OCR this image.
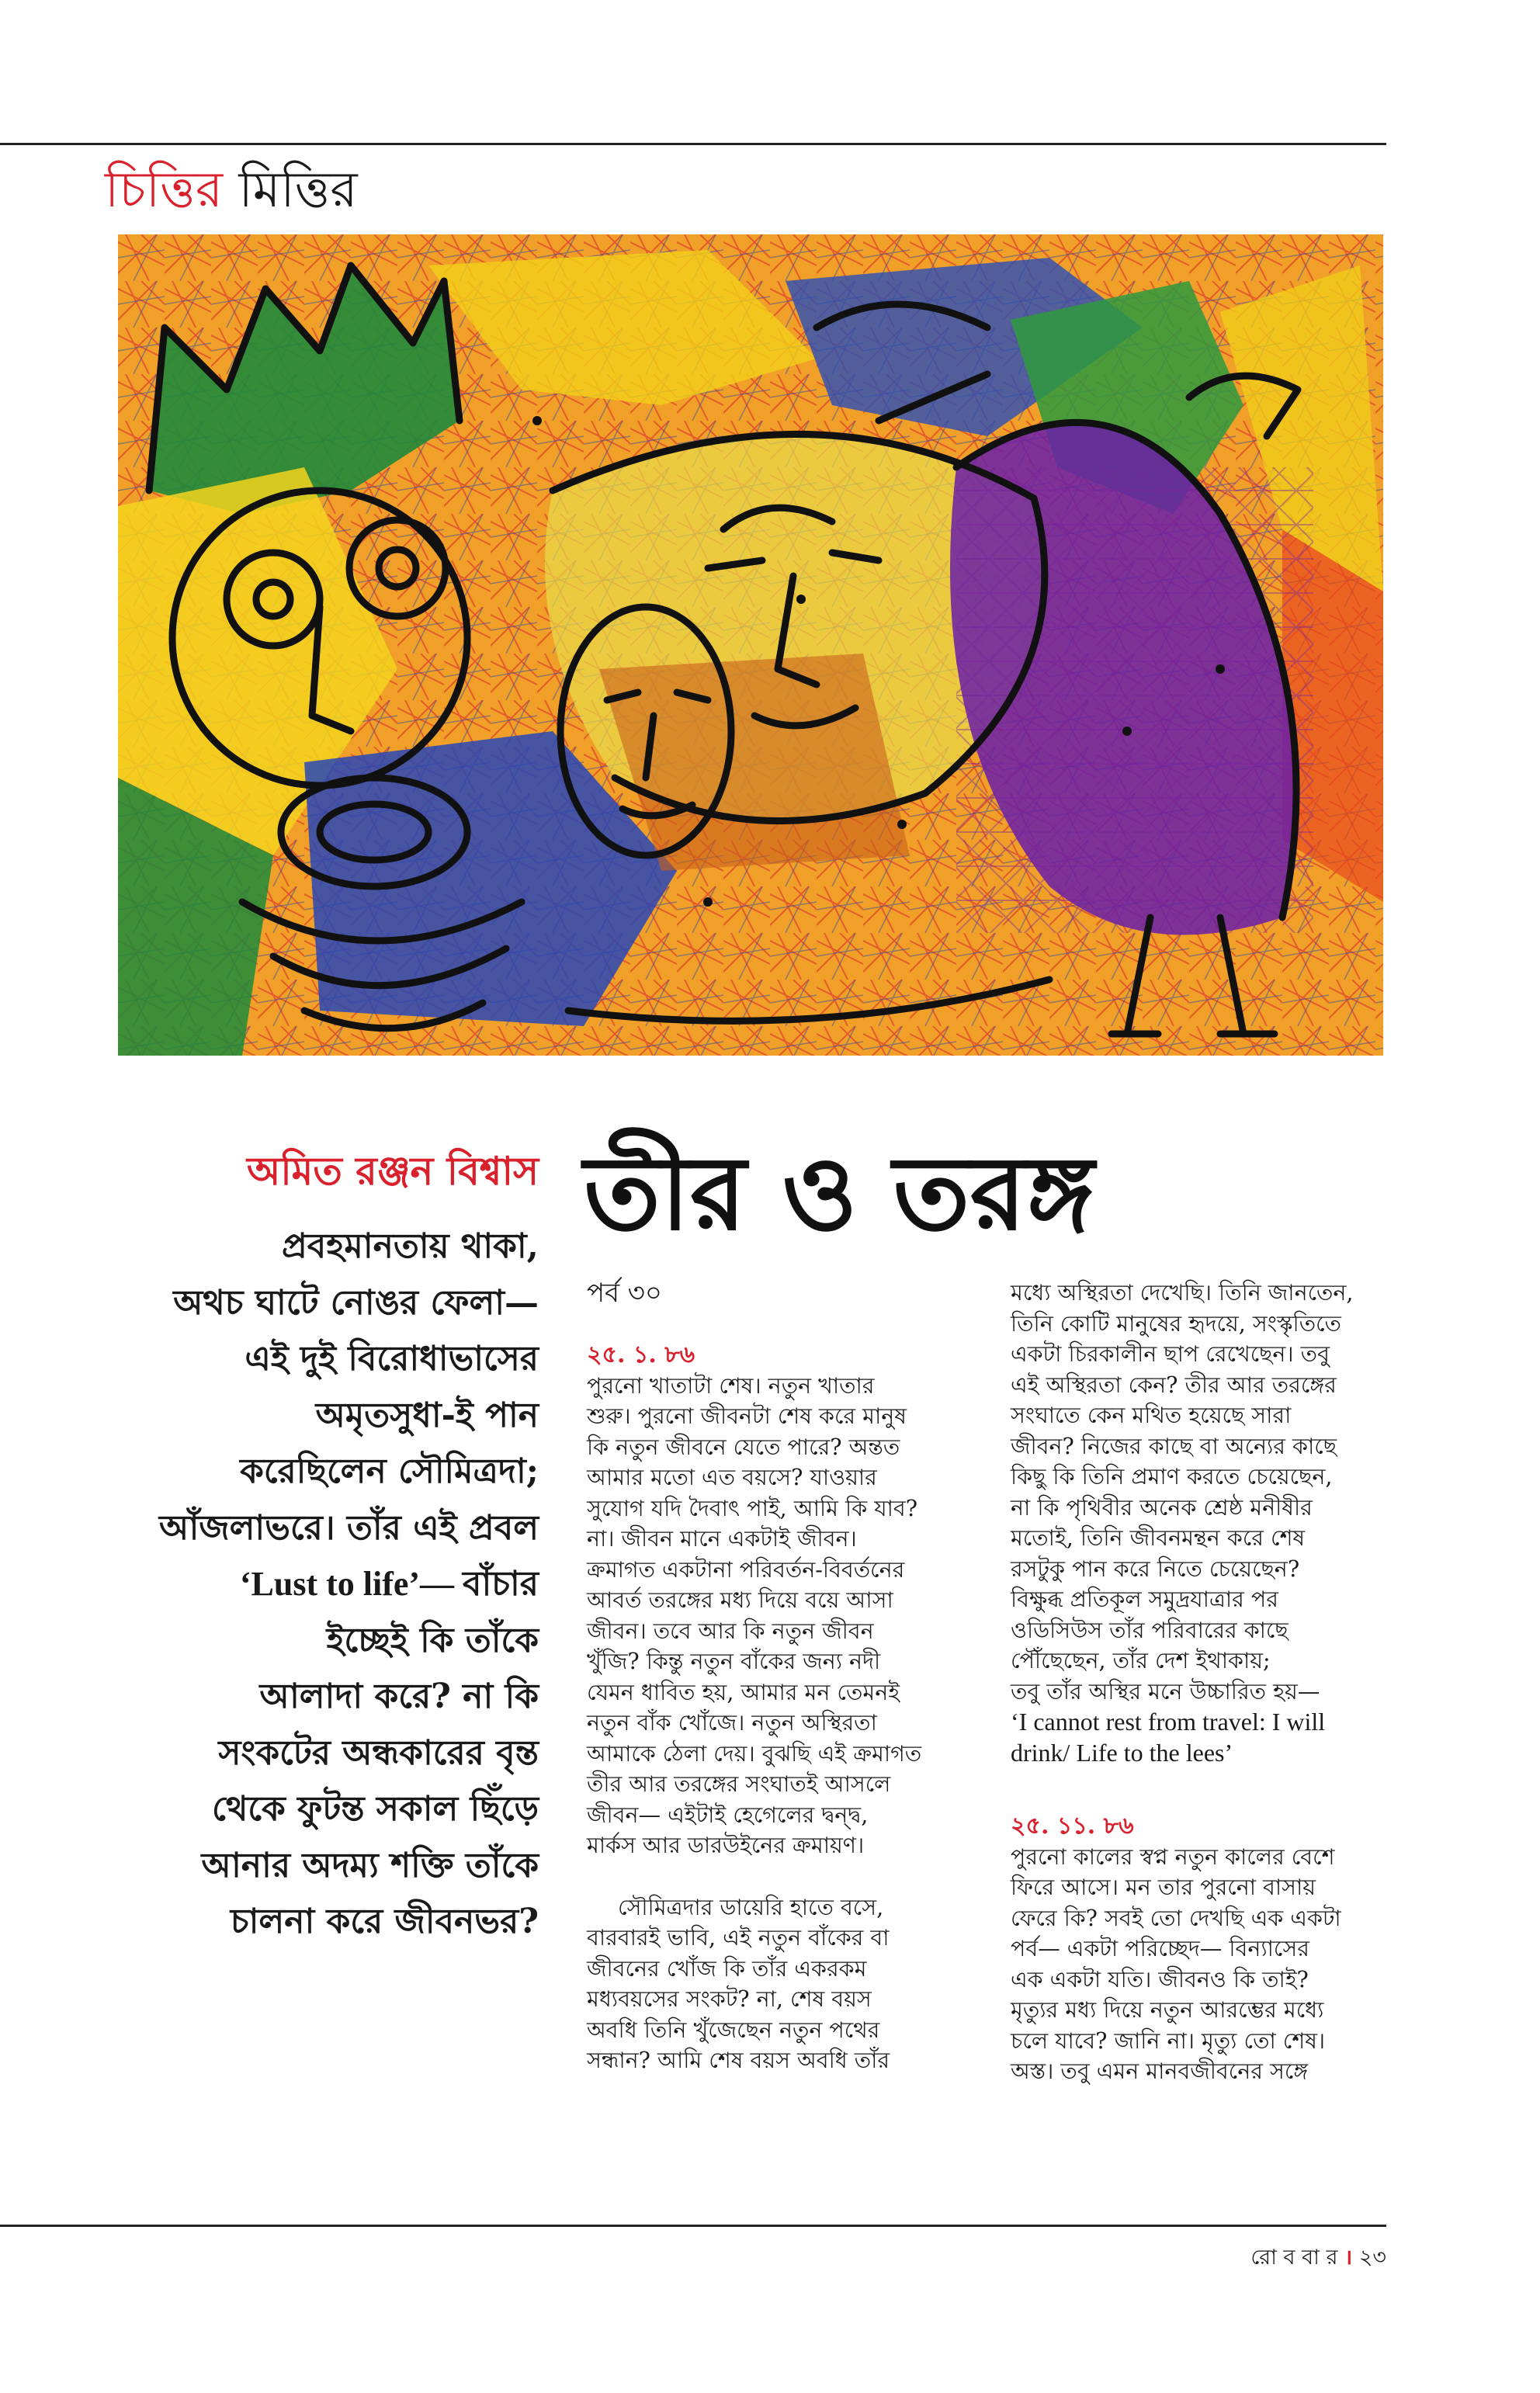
চিত্তির মিত্তির
অমিত রঞ্জন বিশ্বাস
প্রবহমানতায় থাকা,
অথচ ঘাটে নোঙর ফেলা—
এই দুই বিরোধাভাসের
অমৃতসুধা-ই পান
করেছিলেন সৌমিত্রদা;
আঁজলাভরে। তাঁর এই প্রবল
‘Lust to life’— বাঁচার
ইচ্ছেই কি তাঁকে
আলাদা করে? না কি
সংকটের অন্ধকারের বৃন্ত
থেকে ফুটন্ত সকাল ছিঁড়ে
আনার অদম্য শক্তি তাঁকে
চালনা করে জীবনভর?
তীর ও তরঙ্গ
পর্ব ৩০

২৫. ১. ৮৬

পুরনো খাতাটা শেষ। নতুন খাতার

শুরু। পুরনো জীবনটা শেষ করে মানুষ

কি নতুন জীবনে যেতে পারে? অন্তত

আমার মতো এত বয়সে? যাওয়ার

সুযোগ যদি দৈবাৎ পাই, আমি কি যাব?

না। জীবন মানে একটাই জীবন।

ক্রমাগত একটানা পরিবর্তন-বিবর্তনের

আবর্ত তরঙ্গের মধ্য দিয়ে বয়ে আসা

জীবন। তবে আর কি নতুন জীবন

খুঁজি? কিন্তু নতুন বাঁকের জন্য নদী

যেমন ধাবিত হয়, আমার মন তেমনই

নতুন বাঁক খোঁজে। নতুন অস্থিরতা

আমাকে ঠেলা দেয়। বুঝছি এই ক্রমাগত

তীর আর তরঙ্গের সংঘাতই আসলে

জীবন— এইটাই হেগেলের দ্বন্দ্ব,

মার্কস আর ডারউইনের ক্রমায়ণ।

সৌমিত্রদার ডায়েরি হাতে বসে,

বারবারই ভাবি, এই নতুন বাঁকের বা

জীবনের খোঁজ কি তাঁর একরকম

মধ্যবয়সের সংকট? না, শেষ বয়স

অবধি তিনি খুঁজেছেন নতুন পথের

সন্ধান? আমি শেষ বয়স অবধি তাঁর

মধ্যে অস্থিরতা দেখেছি। তিনি জানতেন,

তিনি কোটি মানুষের হৃদয়ে, সংস্কৃতিতে

একটা চিরকালীন ছাপ রেখেছেন। তবু

এই অস্থিরতা কেন? তীর আর তরঙ্গের

সংঘাতে কেন মথিত হয়েছে সারা

জীবন? নিজের কাছে বা অন্যের কাছে

কিছু কি তিনি প্রমাণ করতে চেয়েছেন,

না কি পৃথিবীর অনেক শ্রেষ্ঠ মনীষীর

মতোই, তিনি জীবনমন্থন করে শেষ

রসটুকু পান করে নিতে চেয়েছেন?

বিক্ষুব্ধ প্রতিকূল সমুদ্রযাত্রার পর

ওডিসিউস তাঁর পরিবারের কাছে

পৌঁছেছেন, তাঁর দেশ ইথাকায়;

তবু তাঁর অস্থির মনে উচ্চারিত হয়—

‘I cannot rest from travel: I will

drink/ Life to the lees’

২৫. ১১. ৮৬

পুরনো কালের স্বপ্ন নতুন কালের বেশে

ফিরে আসে। মন তার পুরনো বাসায়

ফেরে কি? সবই তো দেখছি এক একটা

পর্ব— একটা পরিচ্ছেদ— বিন্যাসের

এক একটা যতি। জীবনও কি তাই?

মৃত্যুর মধ্য দিয়ে নতুন আরম্ভের মধ্যে

চলে যাবে? জানি না। মৃত্যু তো শেষ।

অস্ত। তবু এমন মানবজীবনের সঙ্গে

রো ব বা র । ২৩
